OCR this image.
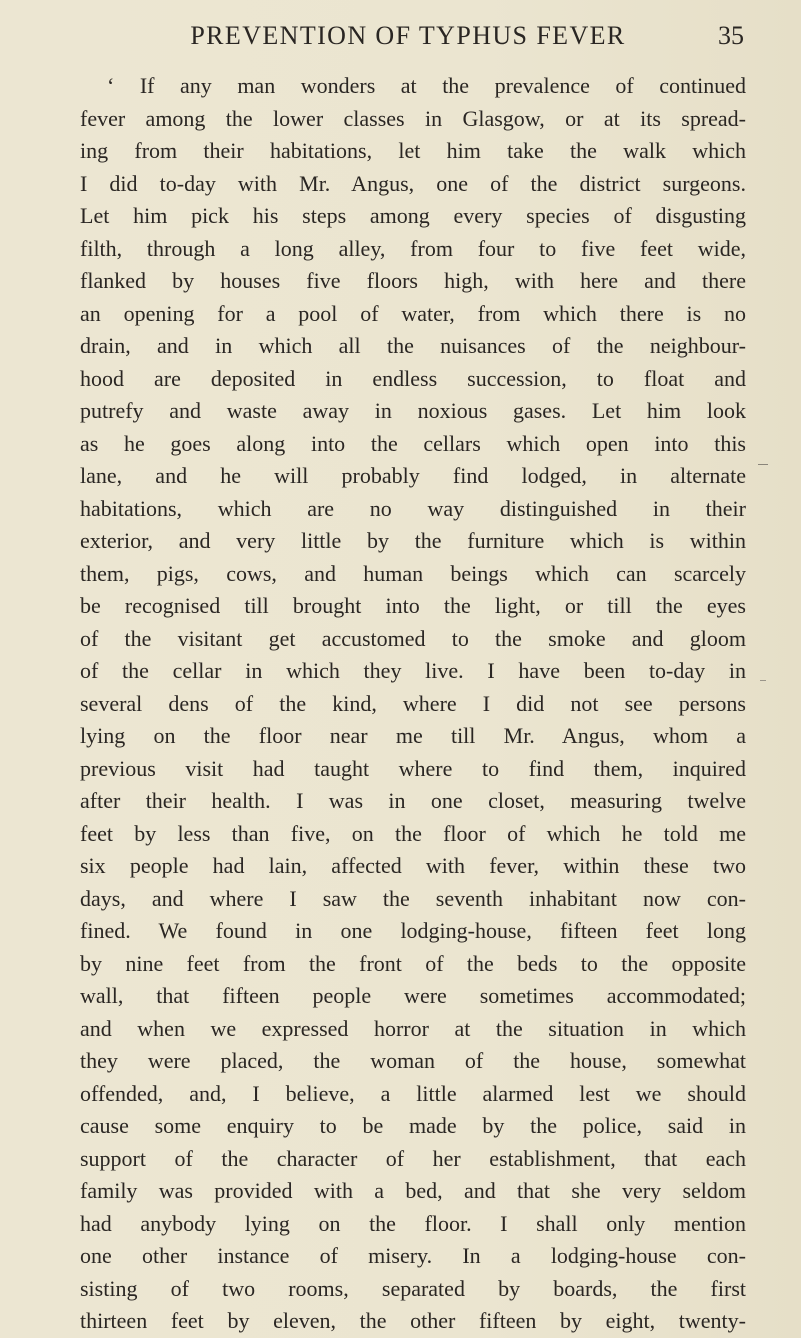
PREVENTION OF TYPHUS FEVER	35
‘ If any man wonders at the prevalence of continued
fever among the lower classes in Glasgow, or at its spread-
ing from their habitations, let him take the walk which
I did to-day with Mr. Angus, one of the district surgeons.
Let him pick his steps among every species of disgusting
filth, through a long alley, from four to five feet wide,
flanked by houses five floors high, with here and there
an opening for a pool of water, from which there is no
drain, and in which all the nuisances of the neighbour-
hood are deposited in endless succession, to float and
putrefy and waste away in noxious gases. Let him look
as he goes along into the cellars which open into this
lane, and he will probably find lodged, in alternate
habitations, which are no way distinguished in their
exterior, and very little by the furniture which is within
them, pigs, cows, and human beings which can scarcely
be recognised till brought into the light, or till the eyes
of the visitant get accustomed to the smoke and gloom
of the cellar in which they live. I have been to-day in
several dens of the kind, where I did not see persons
lying on the floor near me till Mr. Angus, whom a
previous visit had taught where to find them, inquired
after their health. I was in one closet, measuring twelve
feet by less than five, on the floor of which he told me
six people had lain, affected with fever, within these two
days, and where I saw the seventh inhabitant now con-
fined. We found in one lodging-house, fifteen feet long
by nine feet from the front of the beds to the opposite
wall, that fifteen people were sometimes accommodated;
and when we expressed horror at the situation in which
they were placed, the woman of the house, somewhat
offended, and, I believe, a little alarmed lest we should
cause some enquiry to be made by the police, said in
support of the character of her establishment, that each
family was provided with a bed, and that she very seldom
had anybody lying on the floor. I shall only mention
one other instance of misery. In a lodging-house con-
sisting of two rooms, separated by boards, the first
thirteen feet by eleven, the other fifteen by eight, twenty-
